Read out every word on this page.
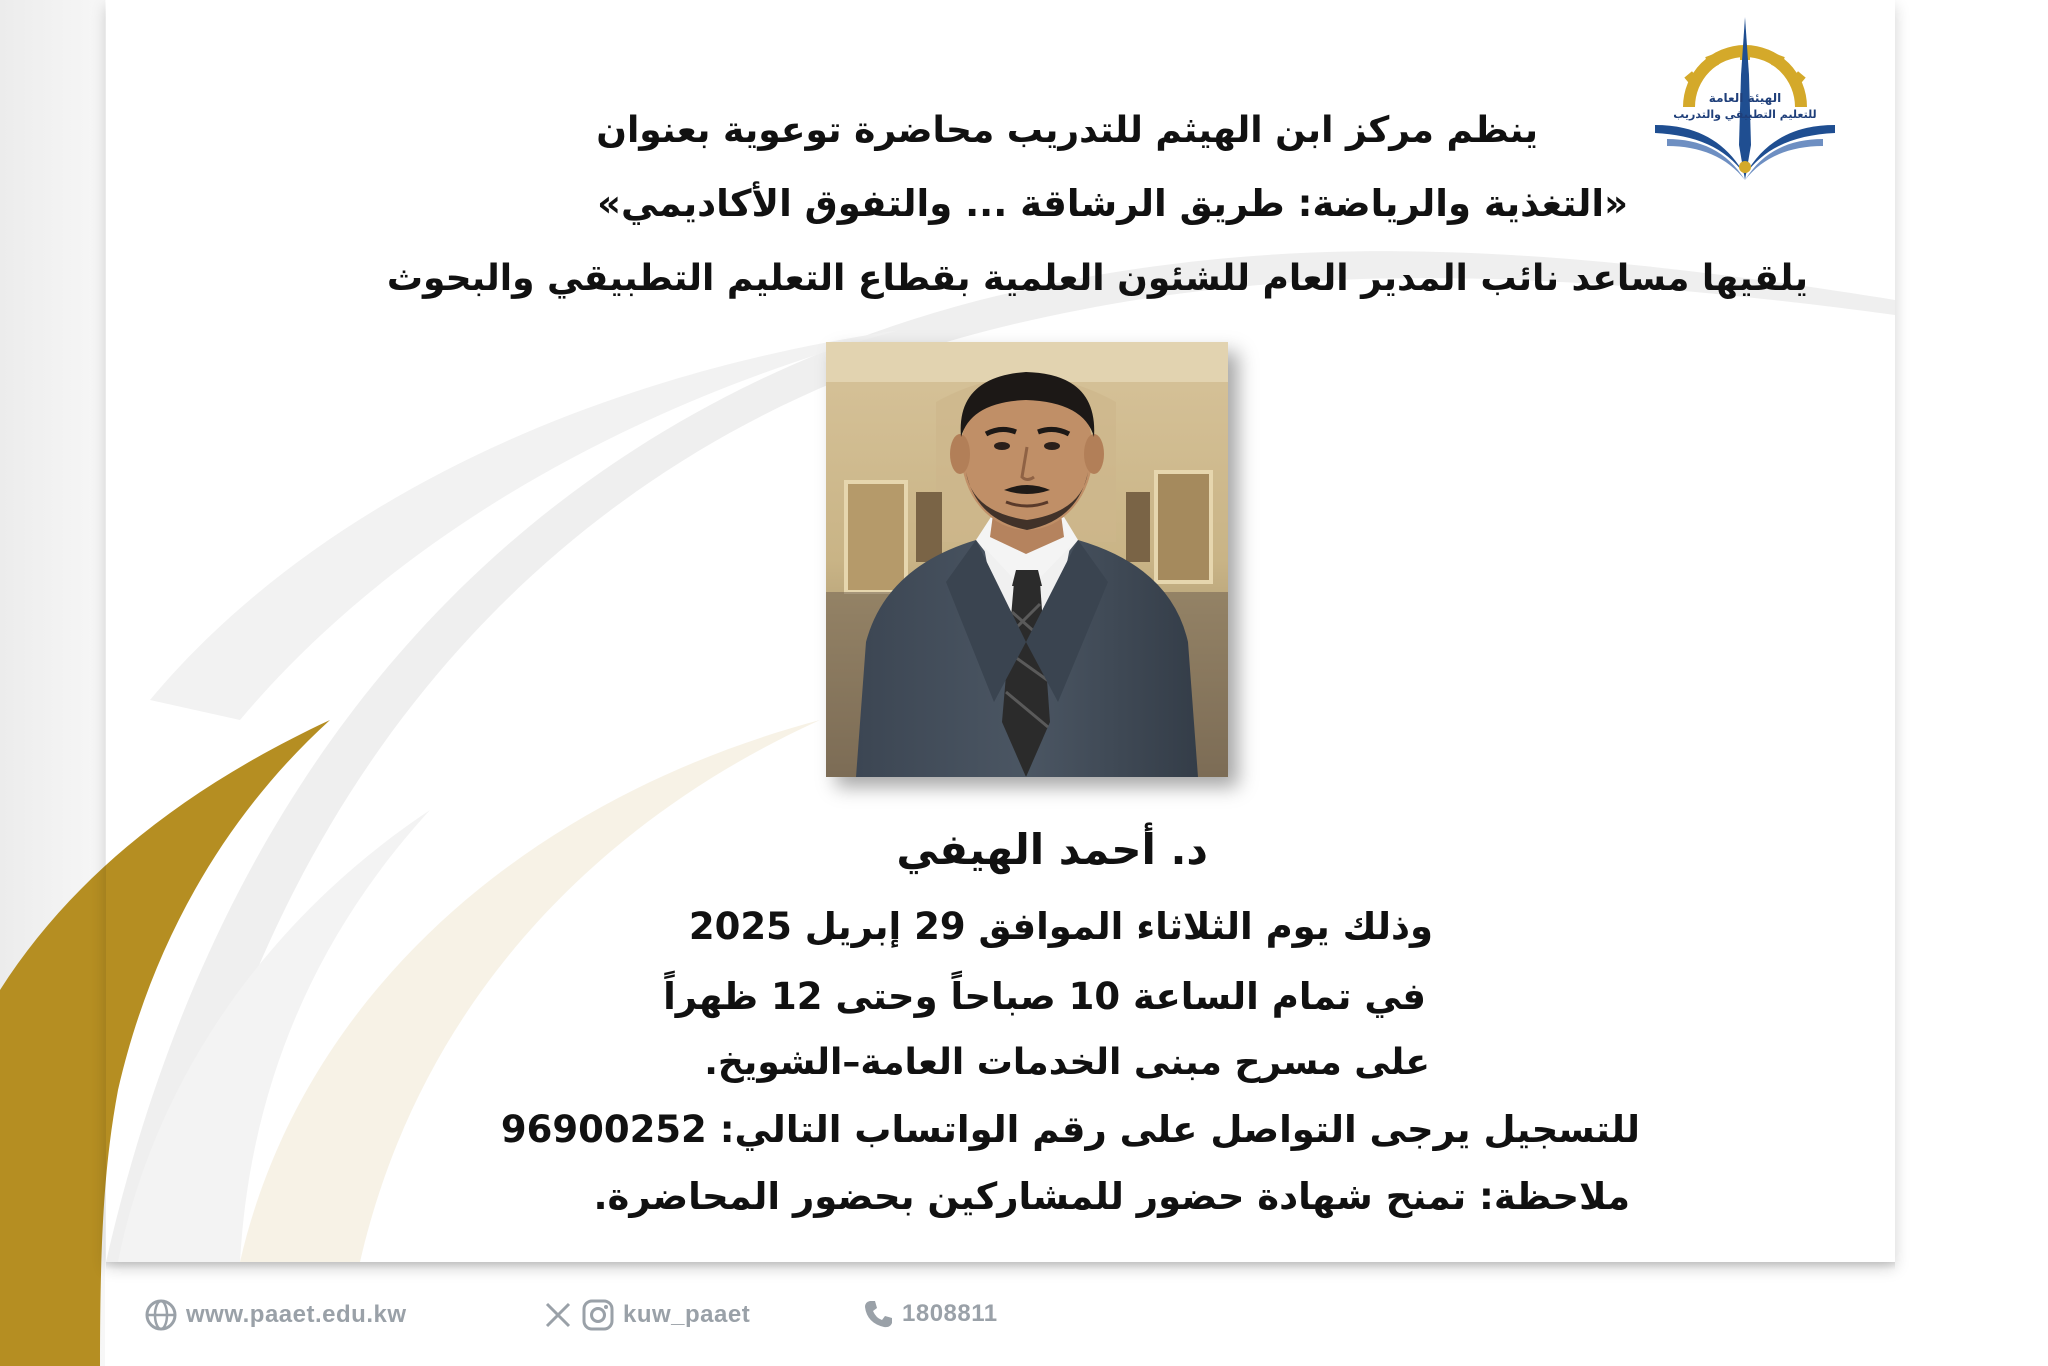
الهيئة العامة
للتعليم التطبيقي والتدريب
ينظم مركز ابن الهيثم للتدريب محاضرة توعوية بعنوان
«التغذية والرياضة: طريق الرشاقة ... والتفوق الأكاديمي»
يلقيها مساعد نائب المدير العام للشئون العلمية بقطاع التعليم التطبيقي والبحوث
د. أحمد الهيفي
وذلك يوم الثلاثاء الموافق 29 إبريل 2025
في تمام الساعة 10 صباحاً وحتى 12 ظهراً
على مسرح مبنى الخدمات العامة–الشويخ.
للتسجيل يرجى التواصل على رقم الواتساب التالي: 96900252
ملاحظة: تمنح شهادة حضور للمشاركين بحضور المحاضرة.
www.paaet.edu.kw	kuw_paaet	1808811
